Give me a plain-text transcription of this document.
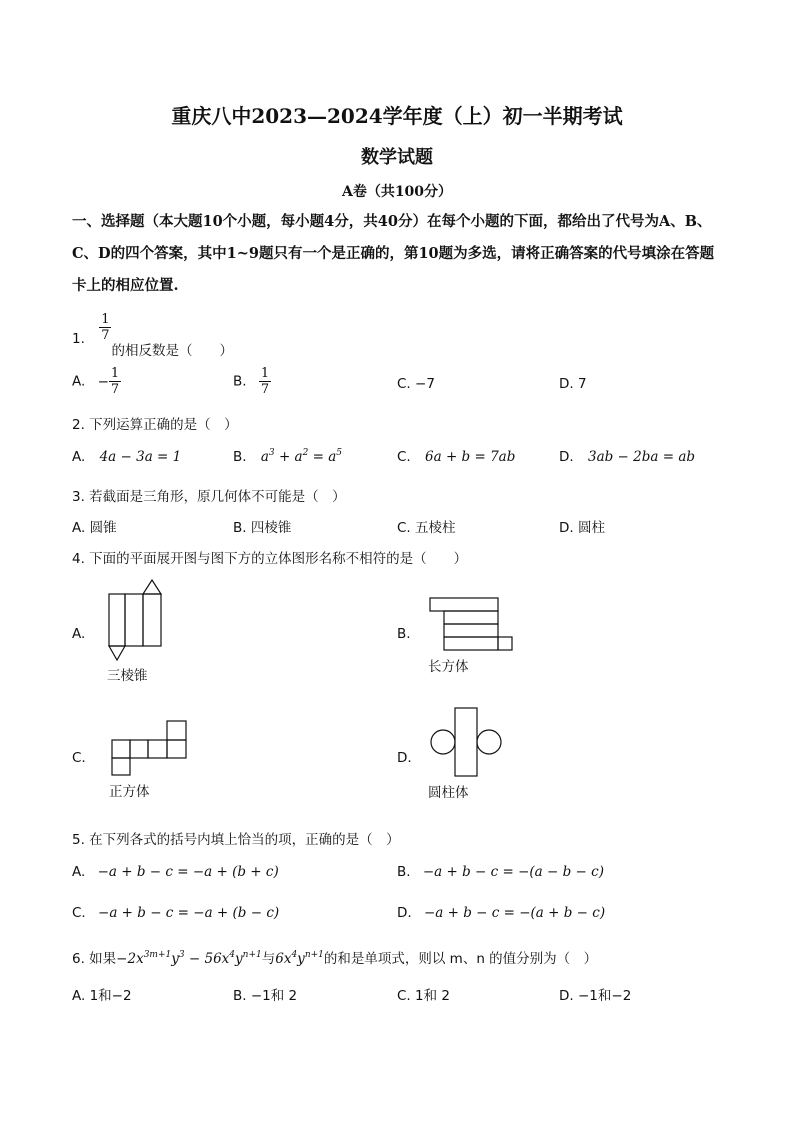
重庆八中2023—2024学年度（上）初一半期考试
数学试题
A卷（共100分）
一、选择题（本大题10个小题，每小题4分，共40分）在每个小题的下面，都给出了代号为A、B、C、D的四个答案，其中1~9题只有一个是正确的，第10题为多选，请将正确答案的代号填涂在答题卡上的相应位置.
1. $\frac{1}{7}$
的相反数是（　　）
A. − $\frac{1}{7}$	B. $\frac{1}{7}$	C. −7	D. 7
2. 下列运算正确的是（　）
A. 4a − 3a = 1	B. $a^3 + a^2 = a^5$	C. 6a + b = 7ab	D. 3ab − 2ba = ab
3. 若截面是三角形，原几何体不可能是（　）
A. 圆锥	B. 四棱锥	C. 五棱柱	D. 圆柱
4. 下面的平面展开图与图下方的立体图形名称不相符的是（　　）
A.
三棱锥
B.
长方体
C.
正方体
D.
圆柱体
5. 在下列各式的括号内填上恰当的项，正确的是（　）
A. −a + b − c = −a + (b + c)	B. −a + b − c = −(a − b − c)
C. −a + b − c = −a + (b − c)	D. −a + b − c = −(a + b − c)
6. 如果$-2x^{3m+1}y^3 - 56x^4y^{n+1}$与$6x^4y^{n+1}$的和是单项式，则以 m、n 的值分别为（　）
A. 1和−2	B. −1和 2	C. 1和 2	D. −1和−2
